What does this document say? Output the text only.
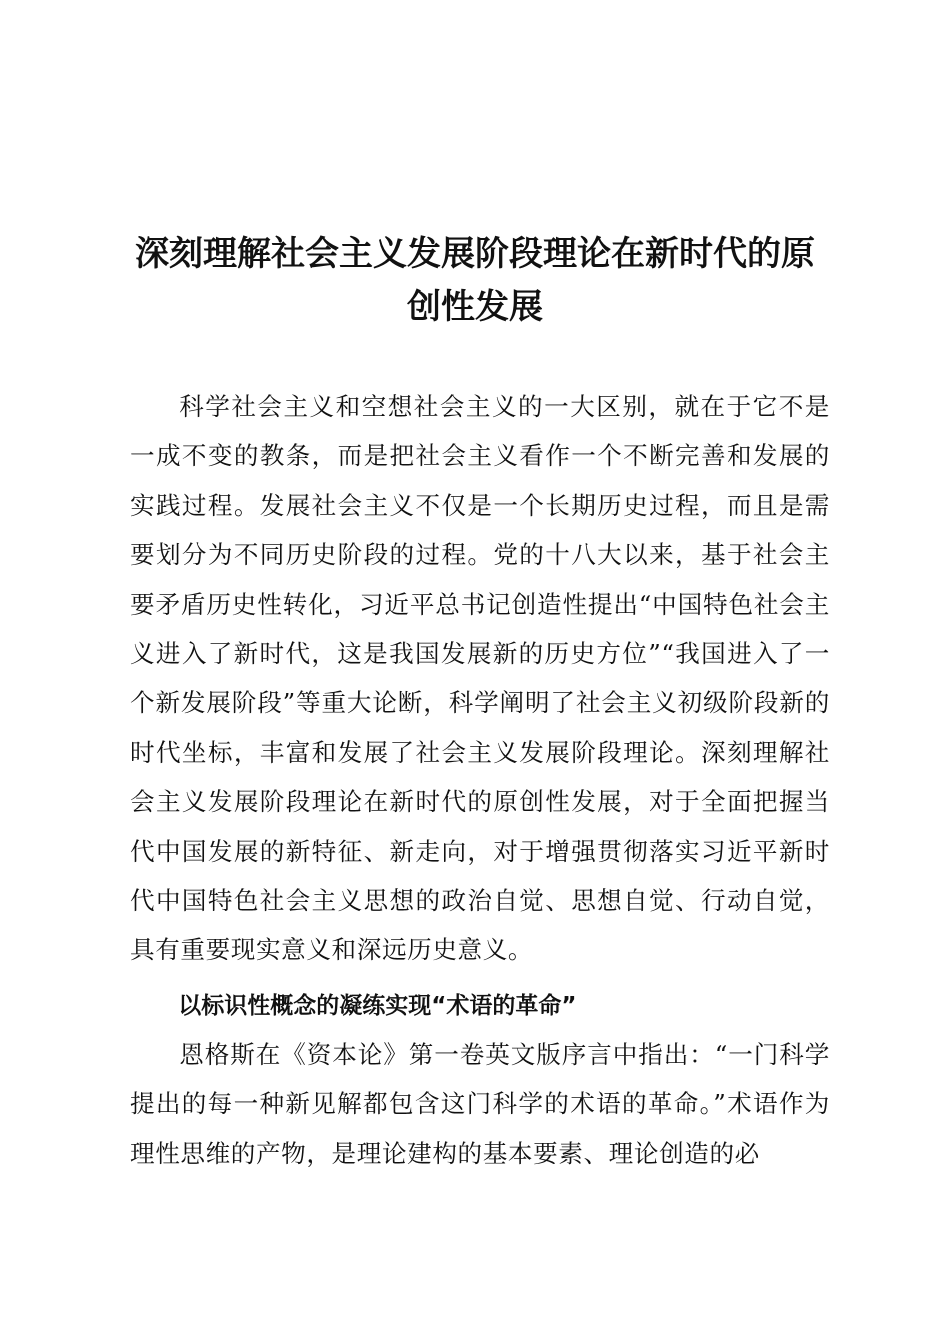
深刻理解社会主义发展阶段理论在新时代的原创性发展

科学社会主义和空想社会主义的一大区别，就在于它不是一成不变的教条，而是把社会主义看作一个不断完善和发展的实践过程。发展社会主义不仅是一个长期历史过程，而且是需要划分为不同历史阶段的过程。党的十八大以来，基于社会主要矛盾历史性转化，习近平总书记创造性提出“中国特色社会主义进入了新时代，这是我国发展新的历史方位”“我国进入了一个新发展阶段”等重大论断，科学阐明了社会主义初级阶段新的时代坐标，丰富和发展了社会主义发展阶段理论。深刻理解社会主义发展阶段理论在新时代的原创性发展，对于全面把握当代中国发展的新特征、新走向，对于增强贯彻落实习近平新时代中国特色社会主义思想的政治自觉、思想自觉、行动自觉，具有重要现实意义和深远历史意义。

以标识性概念的凝练实现“术语的革命”

恩格斯在《资本论》第一卷英文版序言中指出：“一门科学提出的每一种新见解都包含这门科学的术语的革命。”术语作为理性思维的产物，是理论建构的基本要素、理论创造的必
